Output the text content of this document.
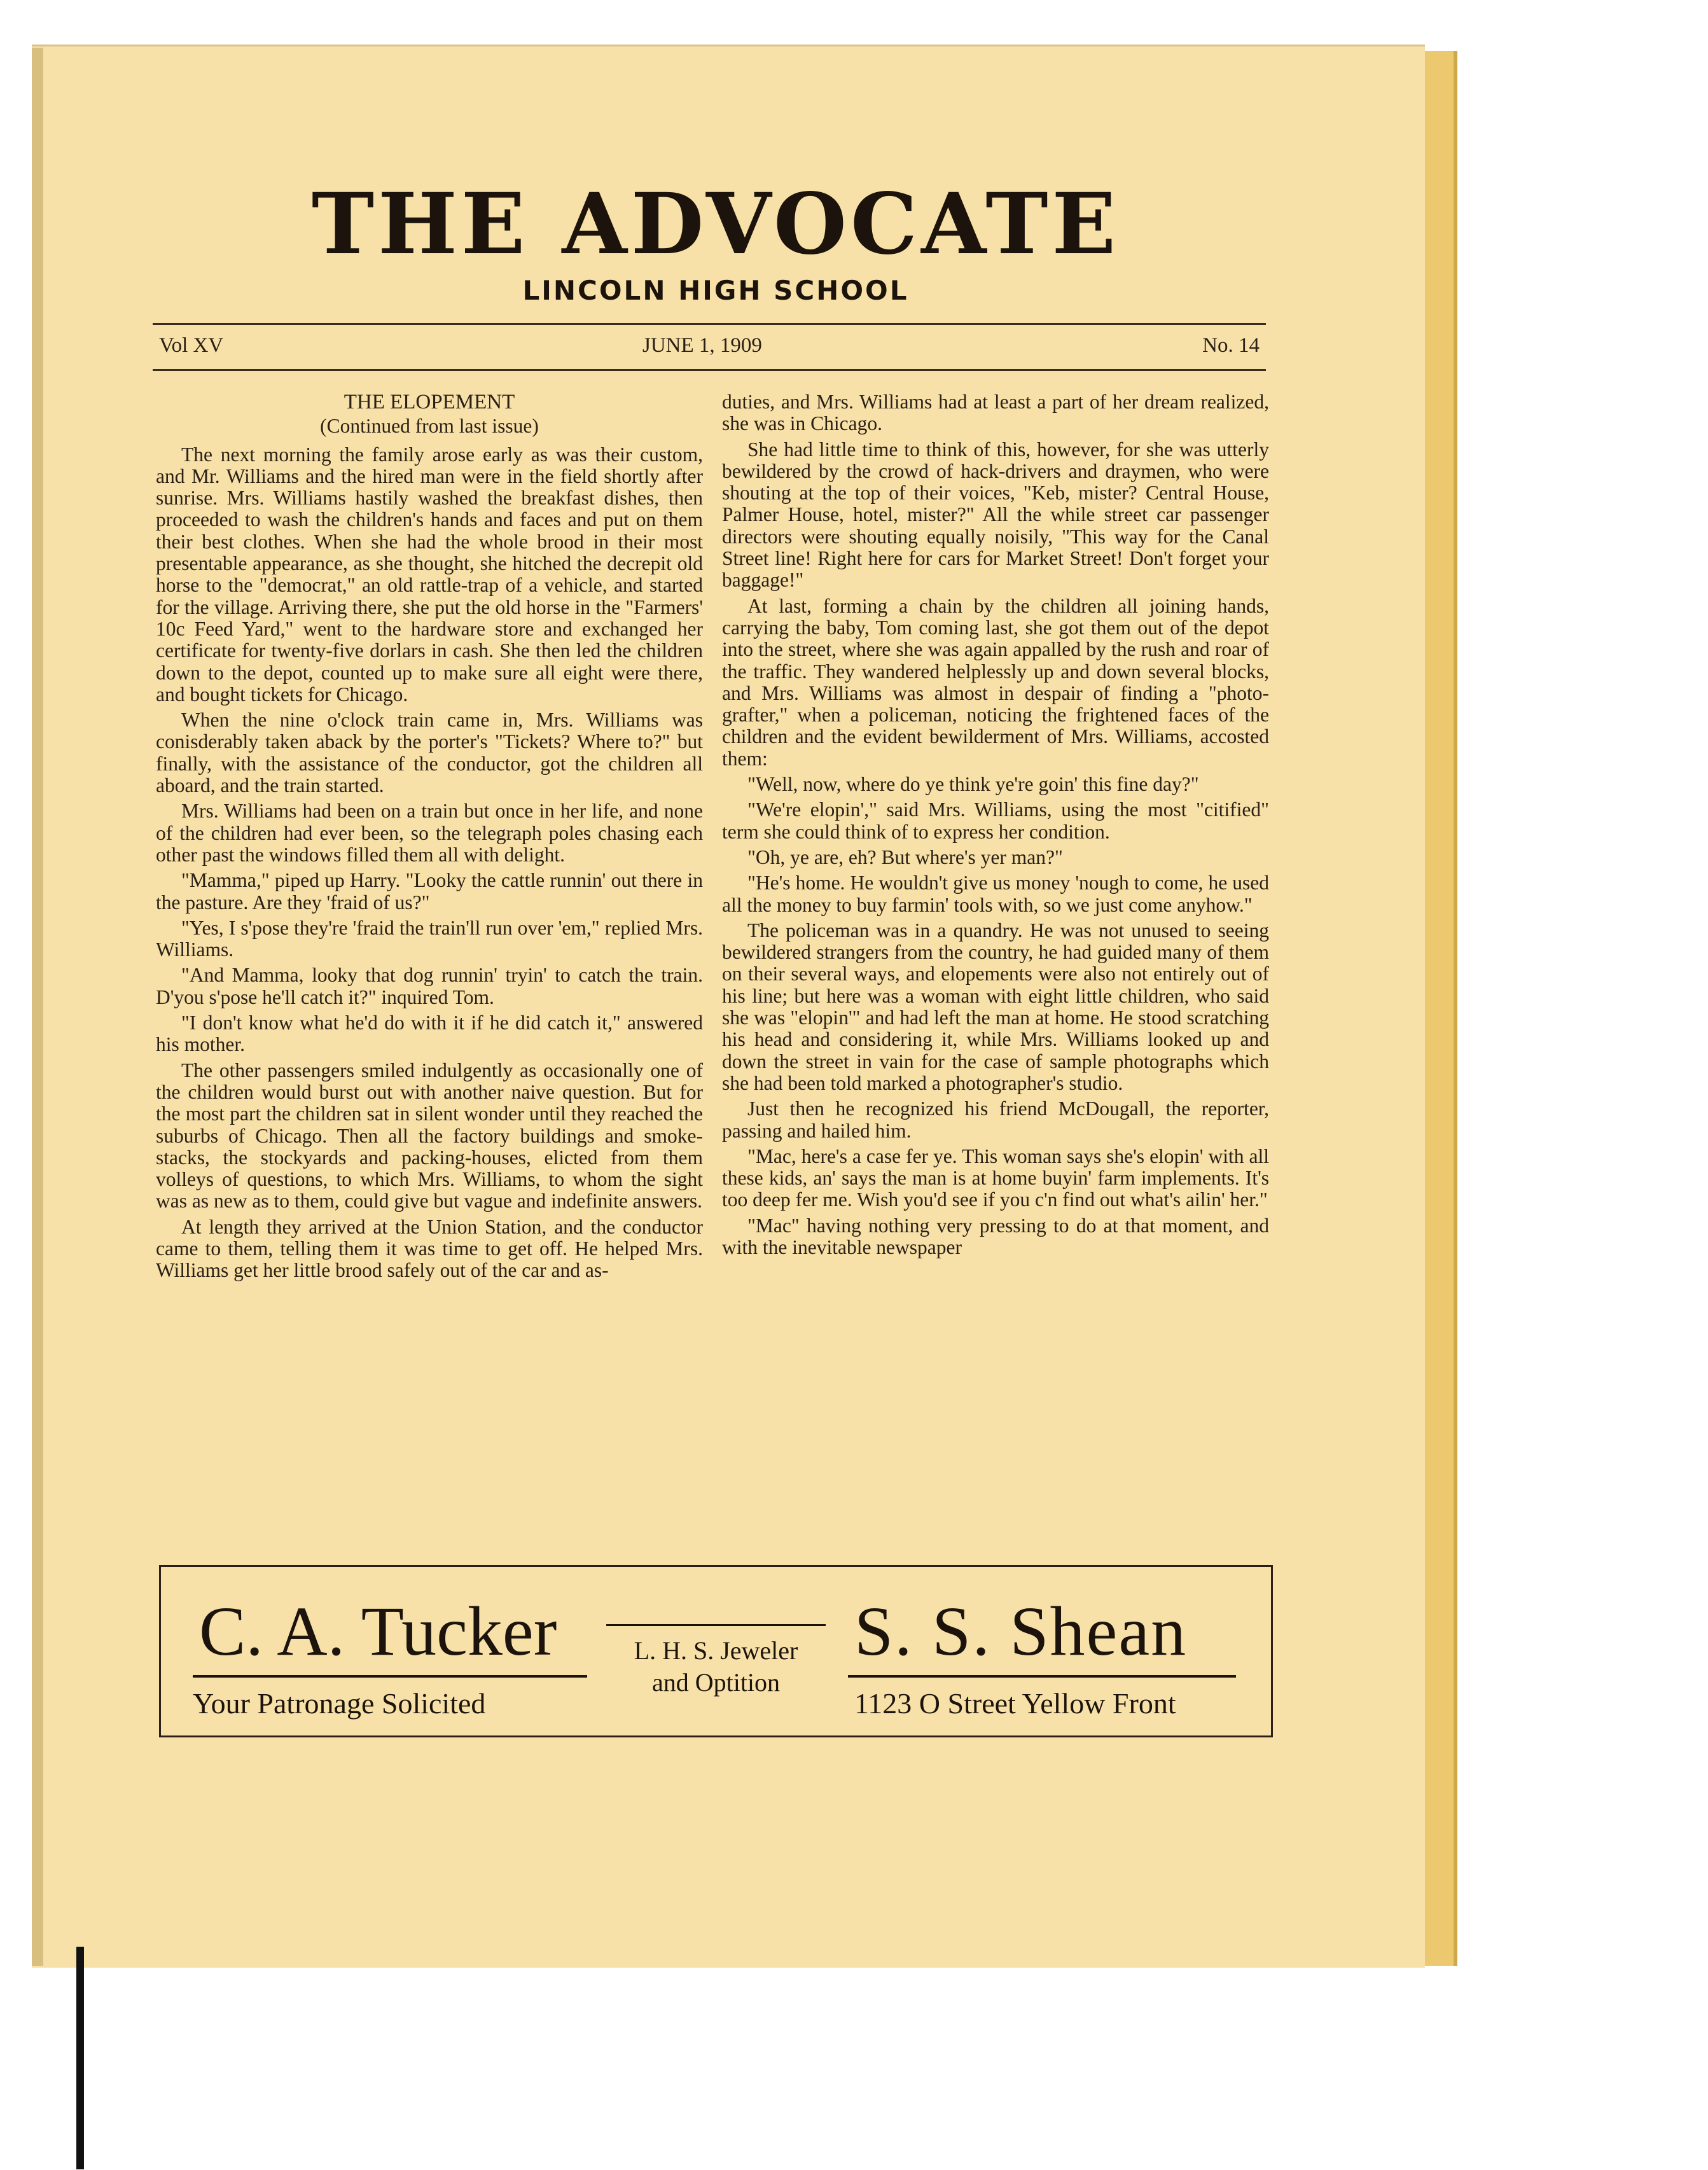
THE ADVOCATE
LINCOLN HIGH SCHOOL
Vol XV	JUNE 1, 1909	No. 14
THE ELOPEMENT
(Continued from last issue)

The next morning the family arose early as was their custom, and Mr. Williams and the hired man were in the field shortly after sunrise. Mrs. Williams hastily washed the breakfast dishes, then proceeded to wash the children's hands and faces and put on them their best clothes. When she had the whole brood in their most presentable appearance, as she thought, she hitched the decrepit old horse to the "democrat," an old rattle-trap of a vehicle, and started for the village. Arriving there, she put the old horse in the "Farmers' 10c Feed Yard," went to the hardware store and exchanged her certificate for twenty-five dorlars in cash. She then led the children down to the depot, counted up to make sure all eight were there, and bought tickets for Chicago.

When the nine o'clock train came in, Mrs. Williams was conisderably taken aback by the porter's "Tickets? Where to?" but finally, with the assistance of the conductor, got the children all aboard, and the train started.

Mrs. Williams had been on a train but once in her life, and none of the children had ever been, so the telegraph poles chasing each other past the windows filled them all with delight.

"Mamma," piped up Harry. "Looky the cattle runnin' out there in the pasture. Are they 'fraid of us?"

"Yes, I s'pose they're 'fraid the train'll run over 'em," replied Mrs. Williams.

"And Mamma, looky that dog runnin' tryin' to catch the train. D'you s'pose he'll catch it?" inquired Tom.

"I don't know what he'd do with it if he did catch it," answered his mother.

The other passengers smiled indulgently as occasionally one of the children would burst out with another naive question. But for the most part the children sat in silent wonder until they reached the suburbs of Chicago. Then all the factory buildings and smoke-stacks, the stockyards and packing-houses, elicted from them volleys of questions, to which Mrs. Williams, to whom the sight was as new as to them, could give but vague and indefinite answers.

At length they arrived at the Union Station, and the conductor came to them, telling them it was time to get off. He helped Mrs. Williams get her little brood safely out of the car and as-

duties, and Mrs. Williams had at least a part of her dream realized, she was in Chicago.

She had little time to think of this, however, for she was utterly bewildered by the crowd of hack-drivers and draymen, who were shouting at the top of their voices, "Keb, mister? Central House, Palmer House, hotel, mister?" All the while street car passenger directors were shouting equally noisily, "This way for the Canal Street line! Right here for cars for Market Street! Don't forget your baggage!"

At last, forming a chain by the children all joining hands, carrying the baby, Tom coming last, she got them out of the depot into the street, where she was again appalled by the rush and roar of the traffic. They wandered helplessly up and down several blocks, and Mrs. Williams was almost in despair of finding a "photo-grafter," when a policeman, noticing the frightened faces of the children and the evident bewilderment of Mrs. Williams, accosted them:

"Well, now, where do ye think ye're goin' this fine day?"

"We're elopin'," said Mrs. Williams, using the most "citified" term she could think of to express her condition.

"Oh, ye are, eh? But where's yer man?"

"He's home. He wouldn't give us money 'nough to come, he used all the money to buy farmin' tools with, so we just come anyhow."

The policeman was in a quandry. He was not unused to seeing bewildered strangers from the country, he had guided many of them on their several ways, and elopements were also not entirely out of his line; but here was a woman with eight little children, who said she was "elopin'" and had left the man at home. He stood scratching his head and considering it, while Mrs. Williams looked up and down the street in vain for the case of sample photographs which she had been told marked a photographer's studio.

Just then he recognized his friend McDougall, the reporter, passing and hailed him.

"Mac, here's a case fer ye. This woman says she's elopin' with all these kids, an' says the man is at home buyin' farm implements. It's too deep fer me. Wish you'd see if you c'n find out what's ailin' her."

"Mac" having nothing very pressing to do at that moment, and with the inevitable newspaper

C. A. Tucker
Your Patronage Solicited
L. H. S. Jeweler
and Optition
S. S. Shean
1123 O Street Yellow Front
